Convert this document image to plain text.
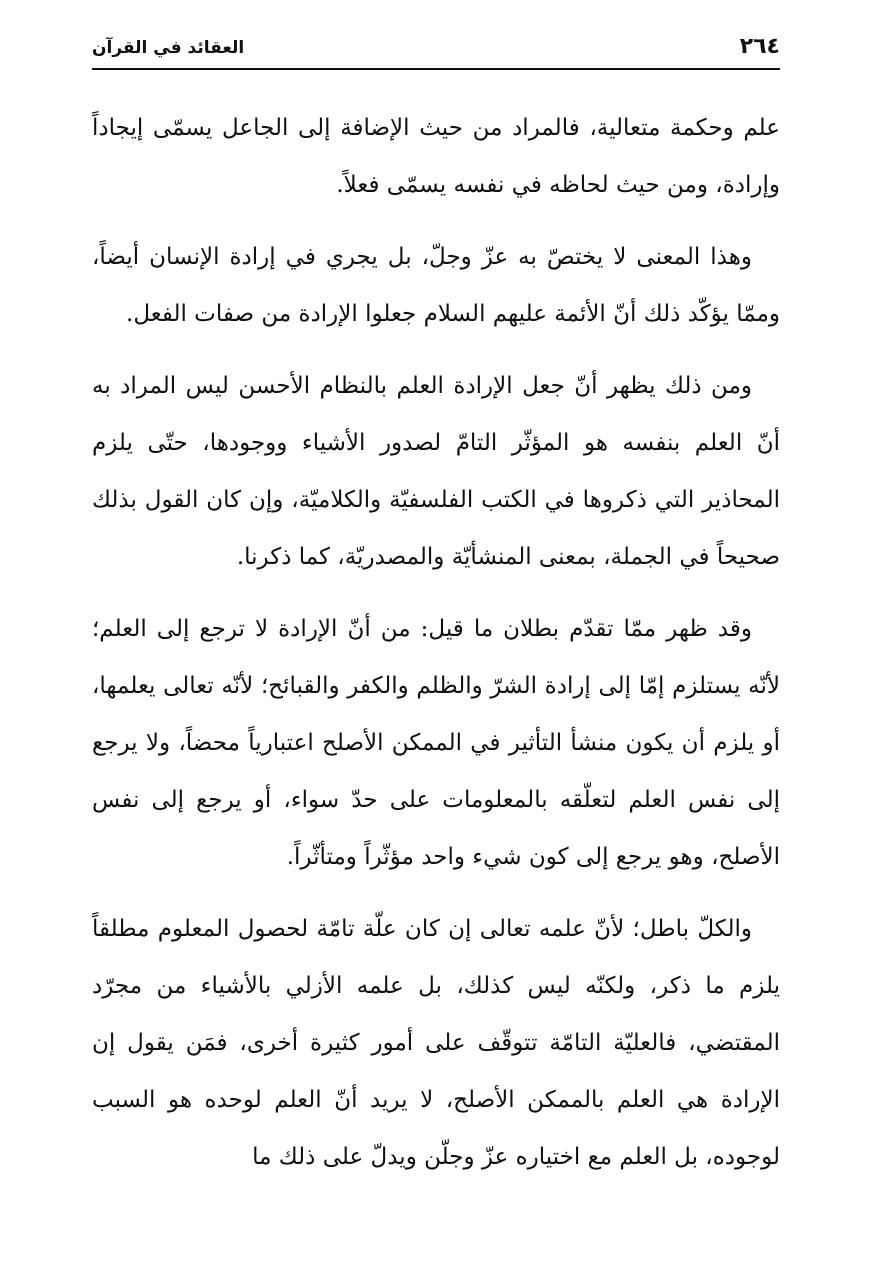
٢٦٤
العقائد في القرآن

علم وحكمة متعالية، فالمراد من حيث الإضافة إلى الجاعل يسمّى إيجاداً وإرادة، ومن حيث لحاظه في نفسه يسمّى فعلاً.

وهذا المعنى لا يختصّ به عزّ وجلّ، بل يجري في إرادة الإنسان أيضاً، وممّا يؤكّد ذلك أنّ الأئمة عليهم السلام جعلوا الإرادة من صفات الفعل.

ومن ذلك يظهر أنّ جعل الإرادة العلم بالنظام الأحسن ليس المراد به أنّ العلم بنفسه هو المؤثّر التامّ لصدور الأشياء ووجودها، حتّى يلزم المحاذير التي ذكروها في الكتب الفلسفيّة والكلاميّة، وإن كان القول بذلك صحيحاً في الجملة، بمعنى المنشأيّة والمصدريّة، كما ذكرنا.

وقد ظهر ممّا تقدّم بطلان ما قيل: من أنّ الإرادة لا ترجع إلى العلم؛ لأنّه يستلزم إمّا إلى إرادة الشرّ والظلم والكفر والقبائح؛ لأنّه تعالى يعلمها، أو يلزم أن يكون منشأ التأثير في الممكن الأصلح اعتبارياً محضاً، ولا يرجع إلى نفس العلم لتعلّقه بالمعلومات على حدّ سواء، أو يرجع إلى نفس الأصلح، وهو يرجع إلى كون شيء واحد مؤثّراً ومتأثّراً.

والكلّ باطل؛ لأنّ علمه تعالى إن كان علّة تامّة لحصول المعلوم مطلقاً يلزم ما ذكر، ولكنّه ليس كذلك، بل علمه الأزلي بالأشياء من مجرّد المقتضي، فالعليّة التامّة تتوقّف على أمور كثيرة أخرى، فمَن يقول إن الإرادة هي العلم بالممكن الأصلح، لا يريد أنّ العلم لوحده هو السبب لوجوده، بل العلم مع اختياره عزّ وجلّن ويدلّ على ذلك ما
